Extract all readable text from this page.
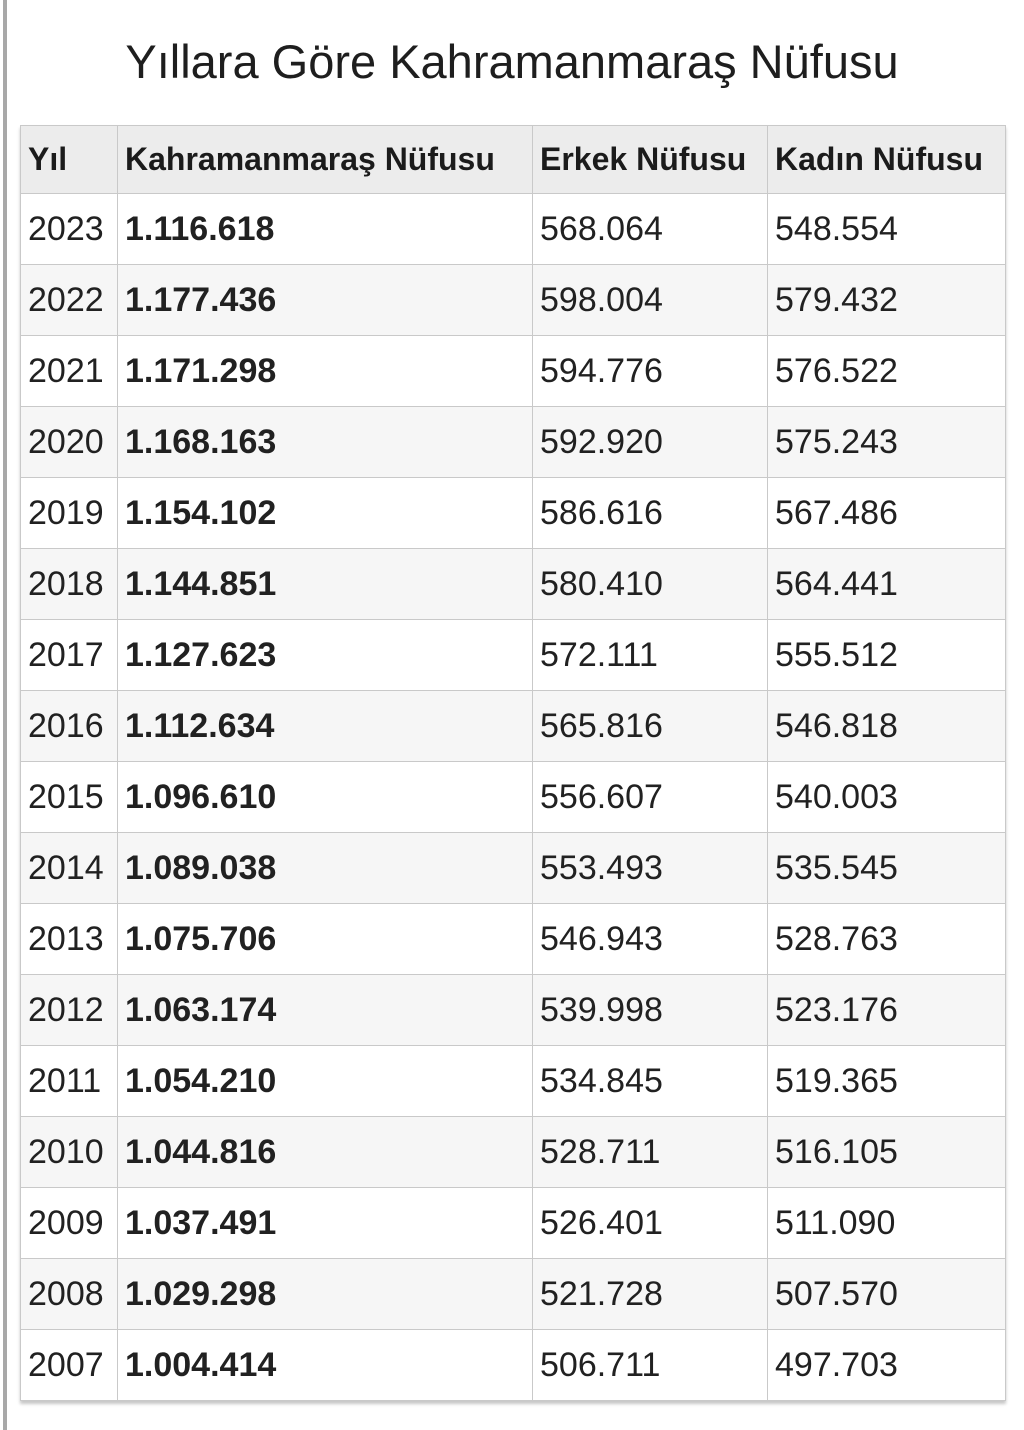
Yıllara Göre Kahramanmaraş Nüfusu
Yıl	Kahramanmaraş Nüfusu	Erkek Nüfusu	Kadın Nüfusu
2023	1.116.618	568.064	548.554
2022	1.177.436	598.004	579.432
2021	1.171.298	594.776	576.522
2020	1.168.163	592.920	575.243
2019	1.154.102	586.616	567.486
2018	1.144.851	580.410	564.441
2017	1.127.623	572.111	555.512
2016	1.112.634	565.816	546.818
2015	1.096.610	556.607	540.003
2014	1.089.038	553.493	535.545
2013	1.075.706	546.943	528.763
2012	1.063.174	539.998	523.176
2011	1.054.210	534.845	519.365
2010	1.044.816	528.711	516.105
2009	1.037.491	526.401	511.090
2008	1.029.298	521.728	507.570
2007	1.004.414	506.711	497.703
